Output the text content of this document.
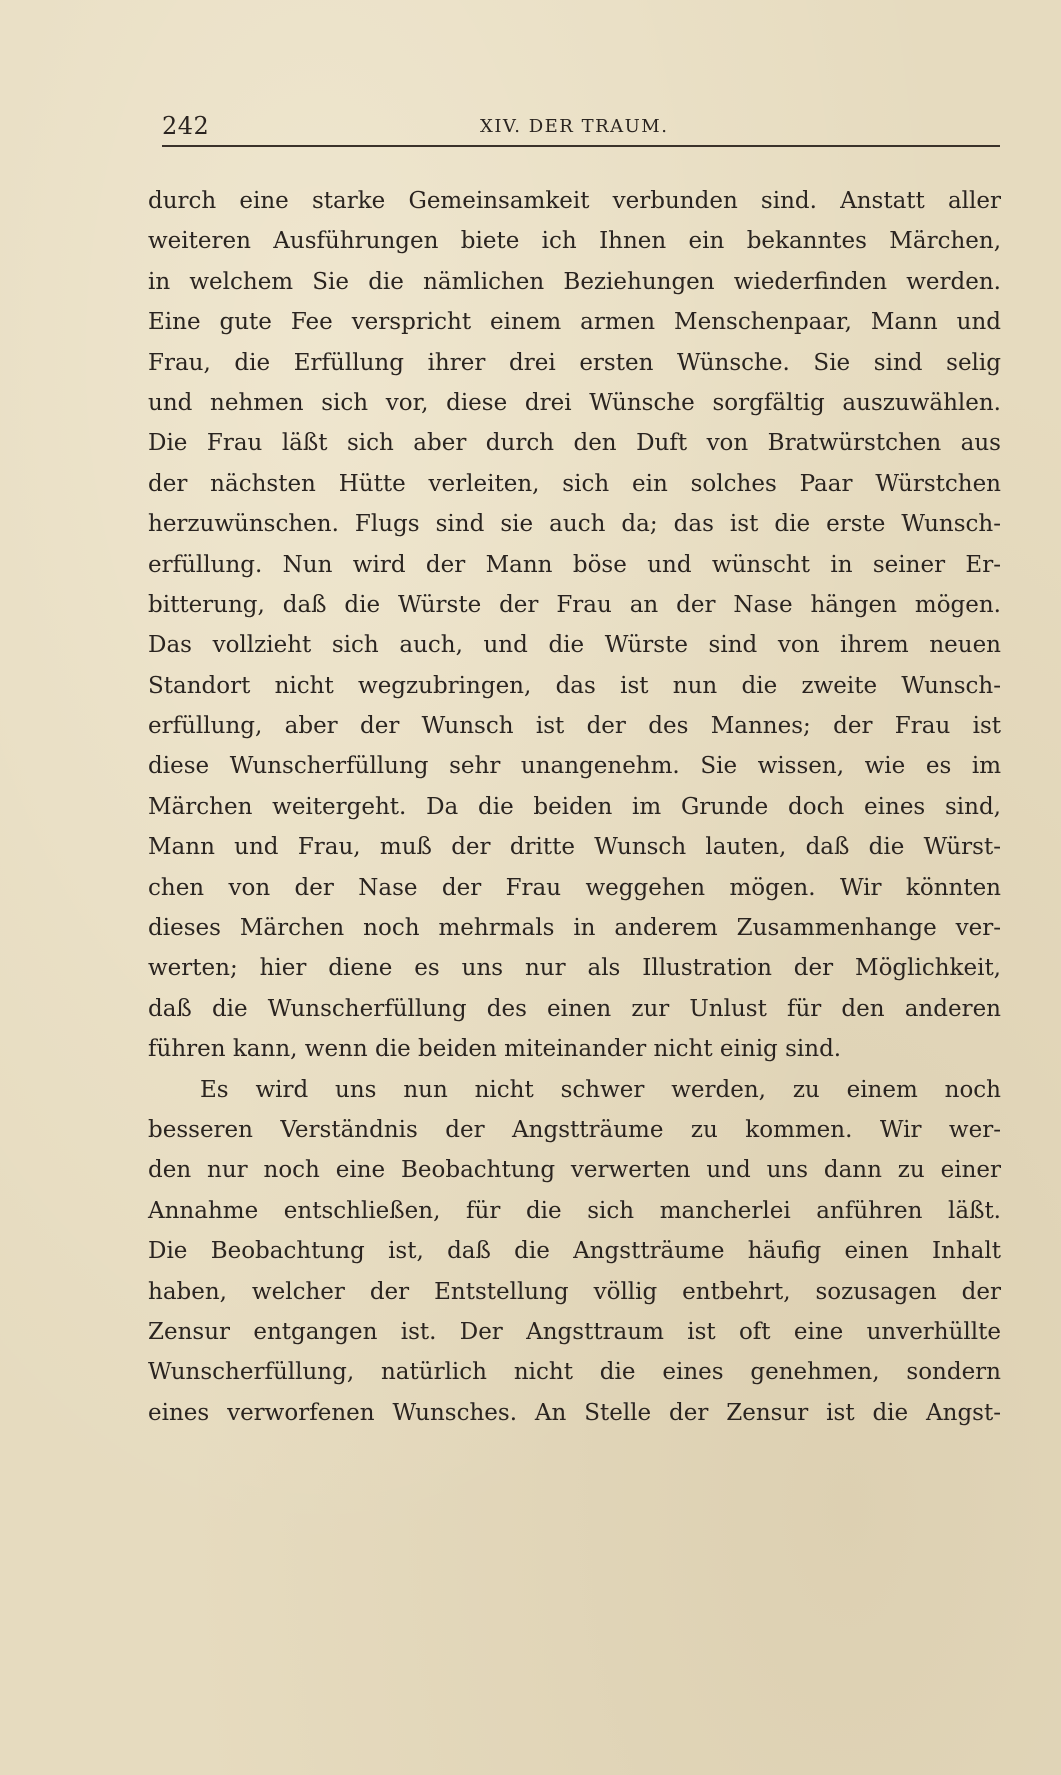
242	XIV. DER TRAUM.
durch eine starke Gemeinsamkeit verbunden sind. Anstatt aller
weiteren Ausführungen biete ich Ihnen ein bekanntes Märchen,
in welchem Sie die nämlichen Beziehungen wiederfinden werden.
Eine gute Fee verspricht einem armen Menschenpaar, Mann und
Frau, die Erfüllung ihrer drei ersten Wünsche. Sie sind selig
und nehmen sich vor, diese drei Wünsche sorgfältig auszuwählen.
Die Frau läßt sich aber durch den Duft von Bratwürstchen aus
der nächsten Hütte verleiten, sich ein solches Paar Würstchen
herzuwünschen. Flugs sind sie auch da; das ist die erste Wunsch-
erfüllung. Nun wird der Mann böse und wünscht in seiner Er-
bitterung, daß die Würste der Frau an der Nase hängen mögen.
Das vollzieht sich auch, und die Würste sind von ihrem neuen
Standort nicht wegzubringen, das ist nun die zweite Wunsch-
erfüllung, aber der Wunsch ist der des Mannes; der Frau ist
diese Wunscherfüllung sehr unangenehm. Sie wissen, wie es im
Märchen weitergeht. Da die beiden im Grunde doch eines sind,
Mann und Frau, muß der dritte Wunsch lauten, daß die Würst-
chen von der Nase der Frau weggehen mögen. Wir könnten
dieses Märchen noch mehrmals in anderem Zusammenhange ver-
werten; hier diene es uns nur als Illustration der Möglichkeit,
daß die Wunscherfüllung des einen zur Unlust für den anderen
führen kann, wenn die beiden miteinander nicht einig sind.
Es wird uns nun nicht schwer werden, zu einem noch
besseren Verständnis der Angstträume zu kommen. Wir wer-
den nur noch eine Beobachtung verwerten und uns dann zu einer
Annahme entschließen, für die sich mancherlei anführen läßt.
Die Beobachtung ist, daß die Angstträume häufig einen Inhalt
haben, welcher der Entstellung völlig entbehrt, sozusagen der
Zensur entgangen ist. Der Angsttraum ist oft eine unverhüllte
Wunscherfüllung, natürlich nicht die eines genehmen, sondern
eines verworfenen Wunsches. An Stelle der Zensur ist die Angst-
